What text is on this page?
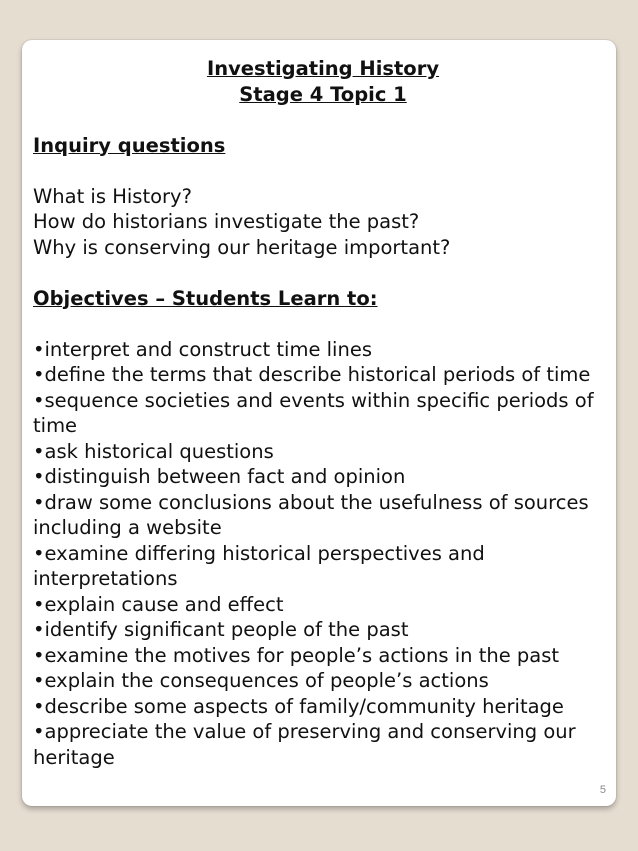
Investigating History

Stage 4 Topic 1

Inquiry questions

What is History?

How do historians investigate the past?

Why is conserving our heritage important?

Objectives – Students Learn to:

•interpret and construct time lines

•define the terms that describe historical periods of time

•sequence societies and events within specific periods of time

•ask historical questions

•distinguish between fact and opinion

•draw some conclusions about the usefulness of sources including a website

•examine differing historical perspectives and interpretations

•explain cause and effect

•identify significant people of the past

•examine the motives for people’s actions in the past

•explain the consequences of people’s actions

•describe some aspects of family/community heritage

•appreciate the value of preserving and conserving our heritage

5
